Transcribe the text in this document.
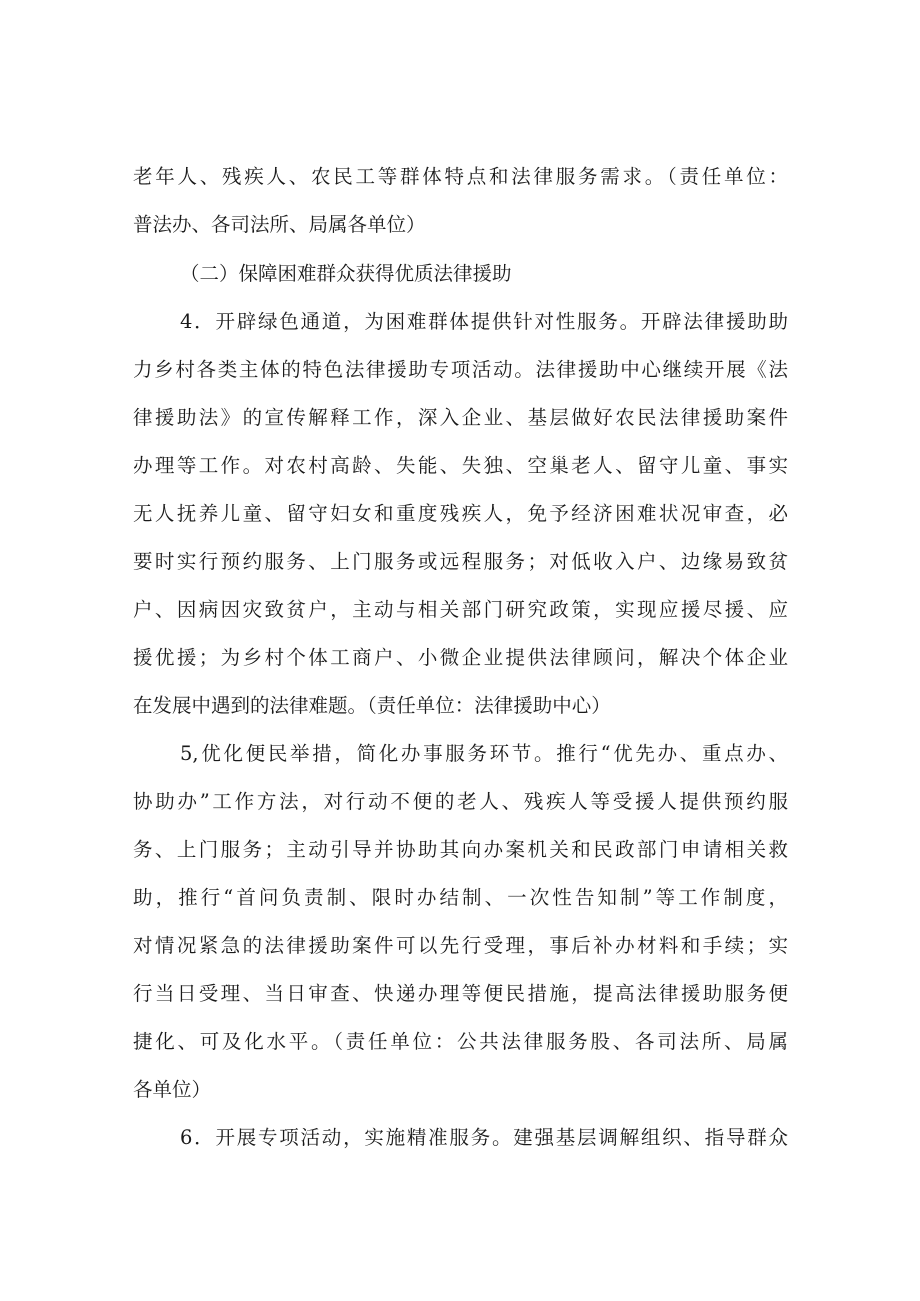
老年人、残疾人、农民工等群体特点和法律服务需求。（责任单位：
普法办、各司法所、局属各单位）
（二）保障困难群众获得优质法律援助
4．开辟绿色通道，为困难群体提供针对性服务。开辟法律援助助
力乡村各类主体的特色法律援助专项活动。法律援助中心继续开展《法
律援助法》的宣传解释工作，深入企业、基层做好农民法律援助案件
办理等工作。对农村高龄、失能、失独、空巢老人、留守儿童、事实
无人抚养儿童、留守妇女和重度残疾人，免予经济困难状况审查，必
要时实行预约服务、上门服务或远程服务；对低收入户、边缘易致贫
户、因病因灾致贫户，主动与相关部门研究政策，实现应援尽援、应
援优援；为乡村个体工商户、小微企业提供法律顾问，解决个体企业
在发展中遇到的法律难题。（责任单位：法律援助中心）
5,优化便民举措，简化办事服务环节。推行“优先办、重点办、
协助办”工作方法，对行动不便的老人、残疾人等受援人提供预约服
务、上门服务；主动引导并协助其向办案机关和民政部门申请相关救
助，推行“首问负责制、限时办结制、一次性告知制”等工作制度，
对情况紧急的法律援助案件可以先行受理，事后补办材料和手续；实
行当日受理、当日审查、快递办理等便民措施，提高法律援助服务便
捷化、可及化水平。（责任单位：公共法律服务股、各司法所、局属
各单位）
6．开展专项活动，实施精准服务。建强基层调解组织、指导群众
